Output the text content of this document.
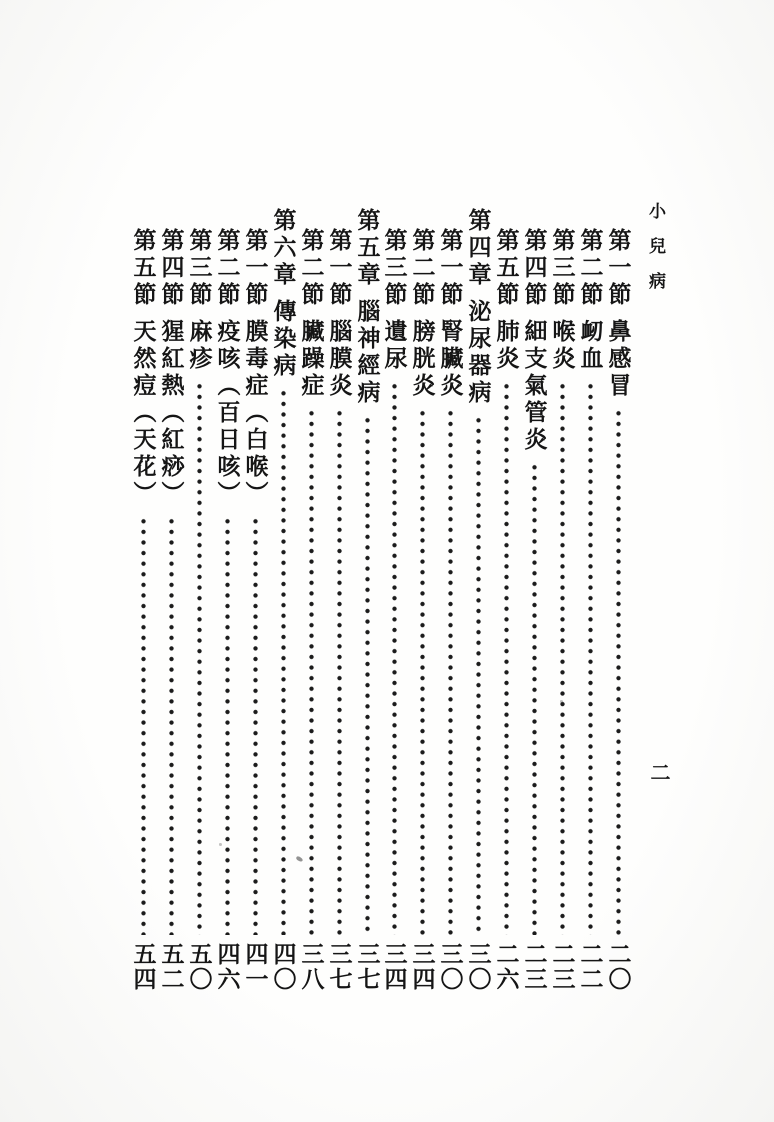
小兒病
二
第一節
鼻感冒
二〇
第二節
衂血
二二
第三節
喉炎
二三
第四節
細支氣管炎
二三
第五節
肺炎
二六
第四章
泌尿器病
三〇
第一節
腎臟炎
三〇
第二節
膀胱炎
三四
第三節
遺尿
三四
第五章
腦神經病
三七
第一節
腦膜炎
三七
第二節
臟躁症
三八
第六章
傳染病
四〇
第一節
膜毒症（白喉）
四一
第二節
疫咳（百日咳）
四六
第三節
麻疹
五〇
第四節
猩紅熱（紅痧）
五二
第五節
天然痘（天花）
五四
